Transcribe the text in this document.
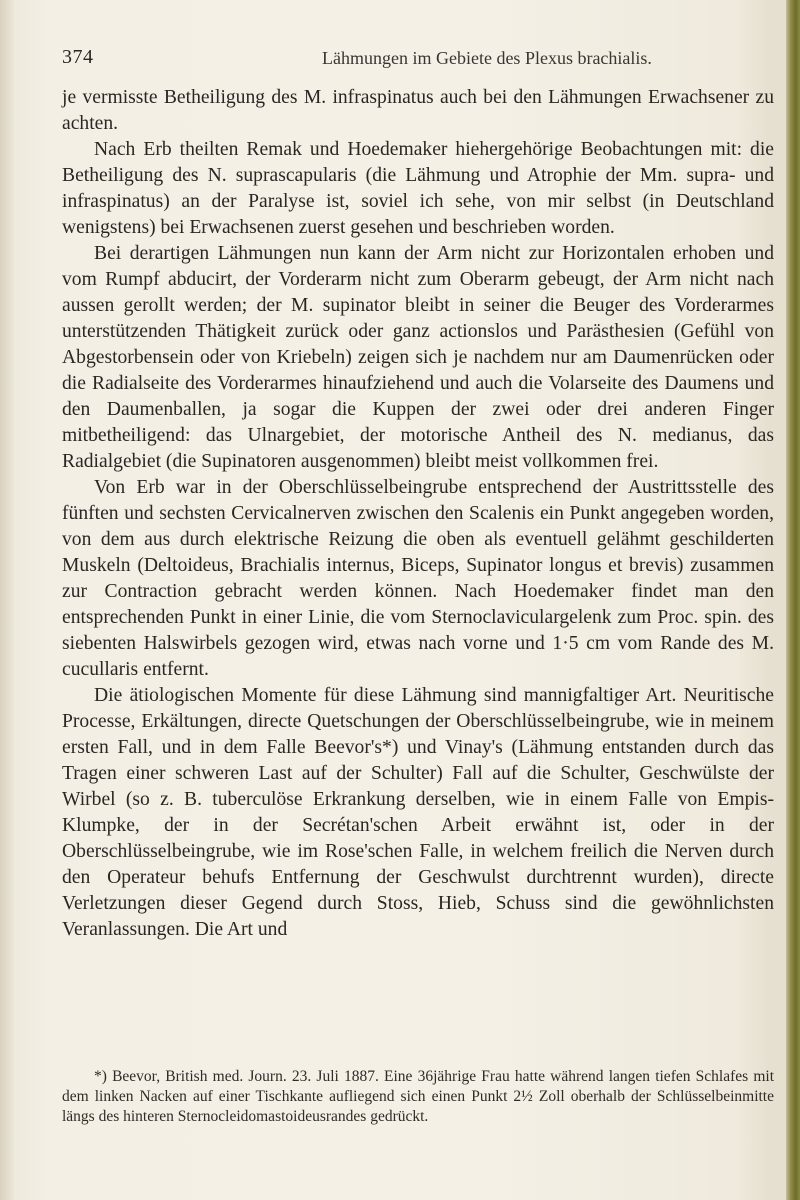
374	Lähmungen im Gebiete des Plexus brachialis.

je vermisste Betheiligung des M. infraspinatus auch bei den Lähmungen Erwachsener zu achten.

Nach Erb theilten Remak und Hoedemaker hiehergehörige Beobachtungen mit: die Betheiligung des N. suprascapularis (die Lähmung und Atrophie der Mm. supra- und infraspinatus) an der Paralyse ist, soviel ich sehe, von mir selbst (in Deutschland wenigstens) bei Erwachsenen zuerst gesehen und beschrieben worden.

Bei derartigen Lähmungen nun kann der Arm nicht zur Horizontalen erhoben und vom Rumpf abducirt, der Vorderarm nicht zum Oberarm gebeugt, der Arm nicht nach aussen gerollt werden; der M. supinator bleibt in seiner die Beuger des Vorderarmes unterstützenden Thätigkeit zurück oder ganz actionslos und Parästhesien (Gefühl von Abgestorbensein oder von Kriebeln) zeigen sich je nachdem nur am Daumenrücken oder die Radialseite des Vorderarmes hinaufziehend und auch die Volarseite des Daumens und den Daumenballen, ja sogar die Kuppen der zwei oder drei anderen Finger mitbetheiligend: das Ulnargebiet, der motorische Antheil des N. medianus, das Radialgebiet (die Supinatoren ausgenommen) bleibt meist vollkommen frei.

Von Erb war in der Oberschlüsselbeingrube entsprechend der Austrittsstelle des fünften und sechsten Cervicalnerven zwischen den Scalenis ein Punkt angegeben worden, von dem aus durch elektrische Reizung die oben als eventuell gelähmt geschilderten Muskeln (Deltoideus, Brachialis internus, Biceps, Supinator longus et brevis) zusammen zur Contraction gebracht werden können. Nach Hoedemaker findet man den entsprechenden Punkt in einer Linie, die vom Sternoclaviculargelenk zum Proc. spin. des siebenten Halswirbels gezogen wird, etwas nach vorne und 1·5 cm vom Rande des M. cucullaris entfernt.

Die ätiologischen Momente für diese Lähmung sind mannigfaltiger Art. Neuritische Processe, Erkältungen, directe Quetschungen der Oberschlüsselbeingrube, wie in meinem ersten Fall, und in dem Falle Beevor's*) und Vinay's (Lähmung entstanden durch das Tragen einer schweren Last auf der Schulter) Fall auf die Schulter, Geschwülste der Wirbel (so z. B. tuberculöse Erkrankung derselben, wie in einem Falle von Empis-Klumpke, der in der Secrétan'schen Arbeit erwähnt ist, oder in der Oberschlüsselbeingrube, wie im Rose'schen Falle, in welchem freilich die Nerven durch den Operateur behufs Entfernung der Geschwulst durchtrennt wurden), directe Verletzungen dieser Gegend durch Stoss, Hieb, Schuss sind die gewöhnlichsten Veranlassungen. Die Art und

*) Beevor, British med. Journ. 23. Juli 1887. Eine 36jährige Frau hatte während langen tiefen Schlafes mit dem linken Nacken auf einer Tischkante aufliegend sich einen Punkt 2½ Zoll oberhalb der Schlüsselbeinmitte längs des hinteren Sternocleidomastoideusrandes gedrückt.
